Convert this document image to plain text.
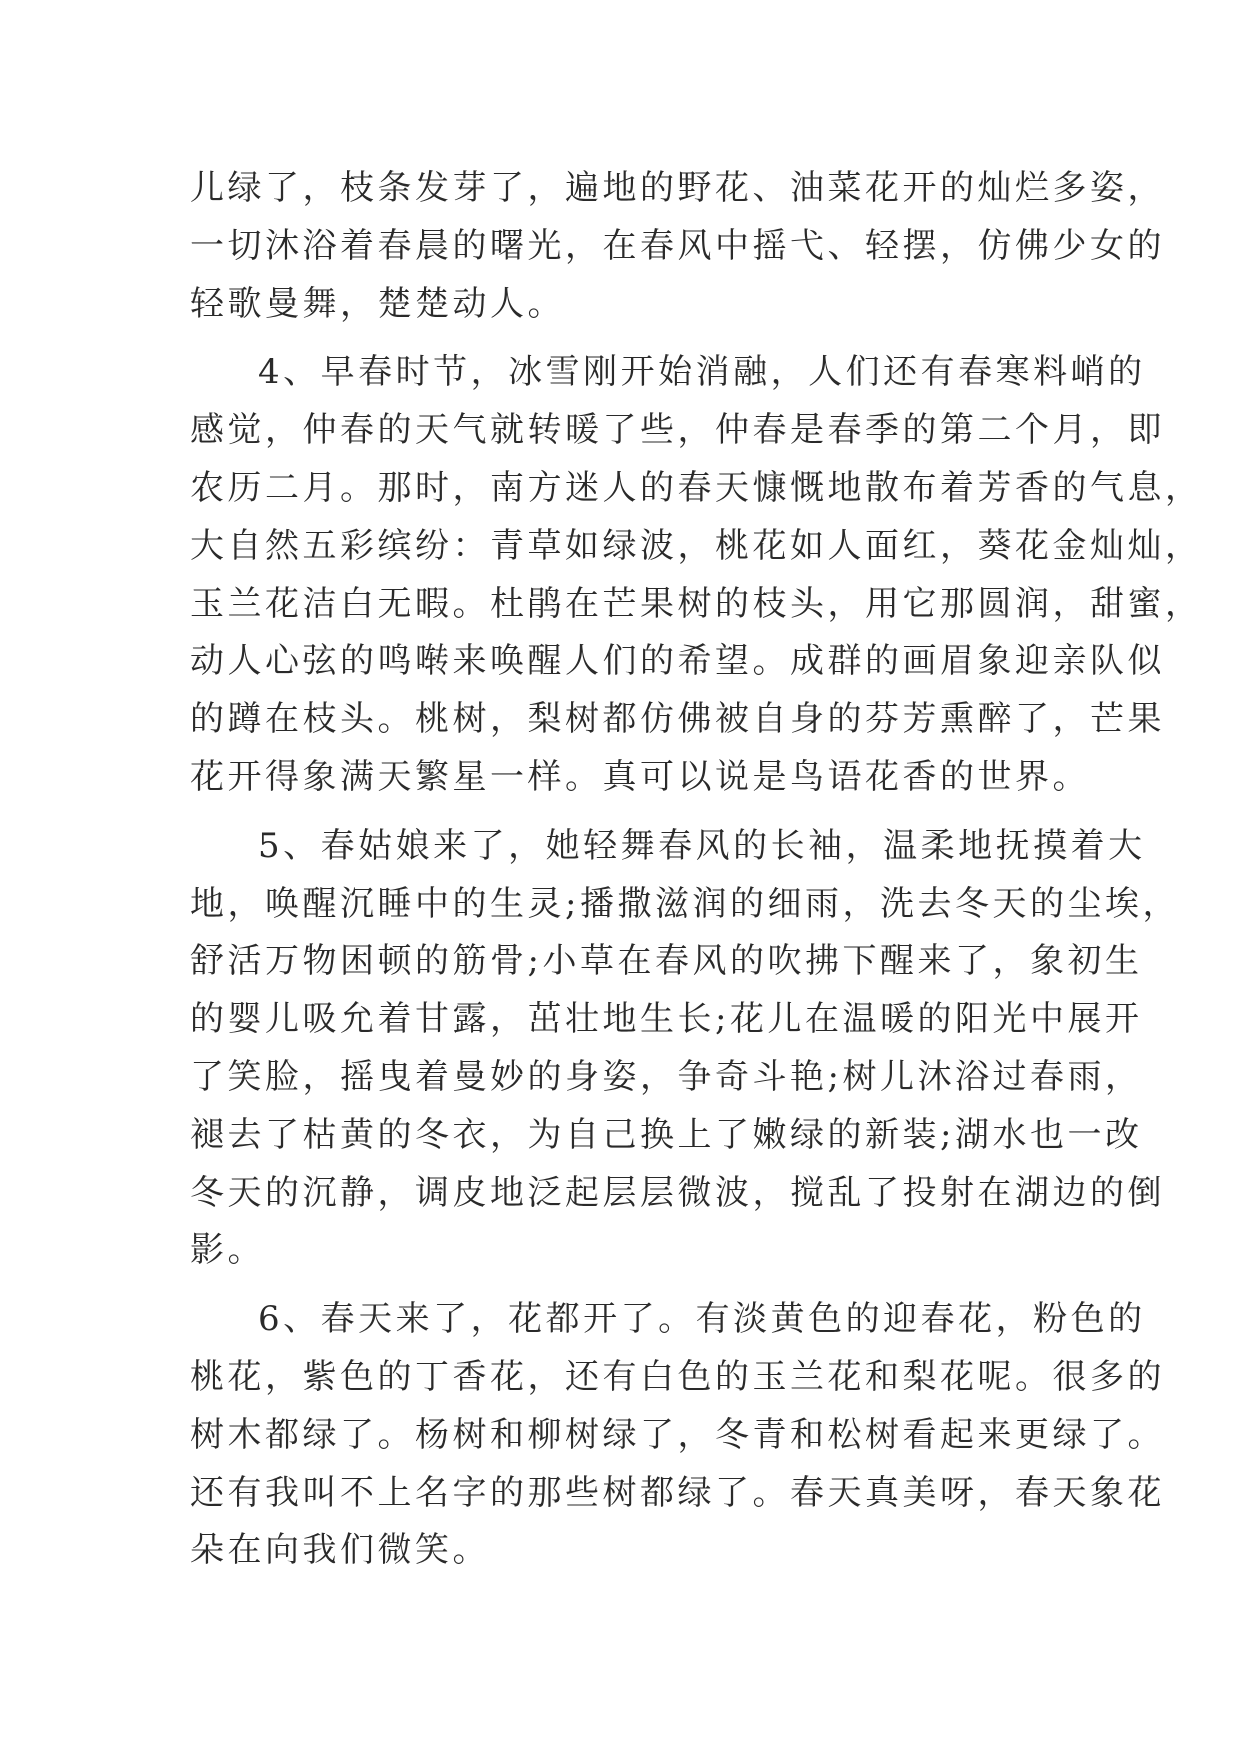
儿绿了，枝条发芽了，遍地的野花、油菜花开的灿烂多姿，
一切沐浴着春晨的曙光，在春风中摇弋、轻摆，仿佛少女的
轻歌曼舞，楚楚动人。
4、早春时节，冰雪刚开始消融，人们还有春寒料峭的
感觉，仲春的天气就转暖了些，仲春是春季的第二个月，即
农历二月。那时，南方迷人的春天慷慨地散布着芳香的气息，
大自然五彩缤纷：青草如绿波，桃花如人面红，葵花金灿灿，
玉兰花洁白无暇。杜鹃在芒果树的枝头，用它那圆润，甜蜜，
动人心弦的鸣啭来唤醒人们的希望。成群的画眉象迎亲队似
的蹲在枝头。桃树，梨树都仿佛被自身的芬芳熏醉了，芒果
花开得象满天繁星一样。真可以说是鸟语花香的世界。
5、春姑娘来了，她轻舞春风的长袖，温柔地抚摸着大
地，唤醒沉睡中的生灵;播撒滋润的细雨，洗去冬天的尘埃，
舒活万物困顿的筋骨;小草在春风的吹拂下醒来了，象初生
的婴儿吸允着甘露，茁壮地生长;花儿在温暖的阳光中展开
了笑脸，摇曳着曼妙的身姿，争奇斗艳;树儿沐浴过春雨，
褪去了枯黄的冬衣，为自己换上了嫩绿的新装;湖水也一改
冬天的沉静，调皮地泛起层层微波，搅乱了投射在湖边的倒
影。
6、春天来了，花都开了。有淡黄色的迎春花，粉色的
桃花，紫色的丁香花，还有白色的玉兰花和梨花呢。很多的
树木都绿了。杨树和柳树绿了，冬青和松树看起来更绿了。
还有我叫不上名字的那些树都绿了。春天真美呀，春天象花
朵在向我们微笑。
